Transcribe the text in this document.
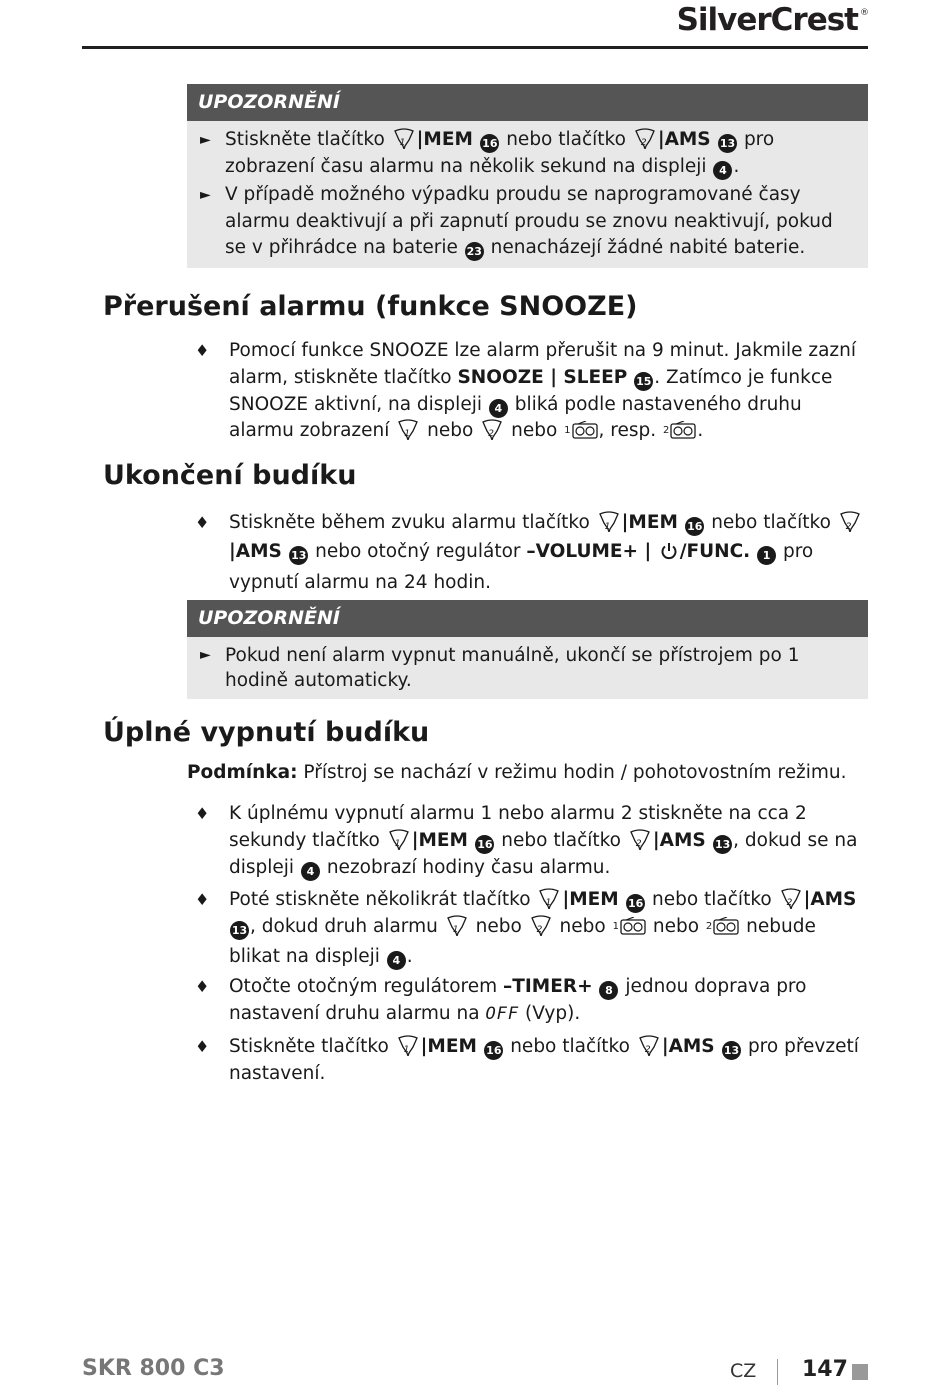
SilverCrest ®
UPOZORNĚNÍ
► Stiskněte tlačítko 1 |MEM 16 nebo tlačítko 2 |AMS 13 pro zobrazení času alarmu na několik sekund na displeji 4 .
► V případě možného výpadku proudu se naprogramované časy alarmu deaktivují a při zapnutí proudu se znovu neaktivují, pokud se v přihrádce na baterie 23 nenacházejí žádné nabité baterie.
Přerušení alarmu (funkce SNOOZE)
♦ Pomocí funkce SNOOZE lze alarm přerušit na 9 minut. Jakmile zazní alarm, stiskněte tlačítko SNOOZE | SLEEP 15 . Zatímco je funkce SNOOZE aktivní, na displeji 4 bliká podle nastaveného druhu alarmu zobrazení 1 nebo 2 nebo $^1$ , resp. $^2$ .
Ukončení budíku
♦ Stiskněte během zvuku alarmu tlačítko 1 |MEM 16 nebo tlačítko 2
|AMS 13 nebo otočný regulátor –VOLUME+ | /FUNC. 1 pro vypnutí alarmu na 24 hodin.
UPOZORNĚNÍ
► Pokud není alarm vypnut manuálně, ukončí se přístrojem po 1 hodině automaticky.
Úplné vypnutí budíku
Podmínka: Přístroj se nachází v režimu hodin / pohotovostním režimu.
♦ K úplnému vypnutí alarmu 1 nebo alarmu 2 stiskněte na cca 2 sekundy tlačítko 1 |MEM 16 nebo tlačítko 2 |AMS 13 , dokud se na displeji 4 nezobrazí hodiny času alarmu.
♦ Poté stiskněte několikrát tlačítko 1 |MEM 16 nebo tlačítko 2 |AMS 13 , dokud druh alarmu 1 nebo 2 nebo $^1$ nebo $^2$ nebude blikat na displeji 4 .
♦ Otočte otočným regulátorem –TIMER+ 8 jednou doprava pro nastavení druhu alarmu na OFF (Vyp).
♦ Stiskněte tlačítko 1 |MEM 16 nebo tlačítko 2 |AMS 13 pro převzetí nastavení.
SKR 800 C3	CZ 147
